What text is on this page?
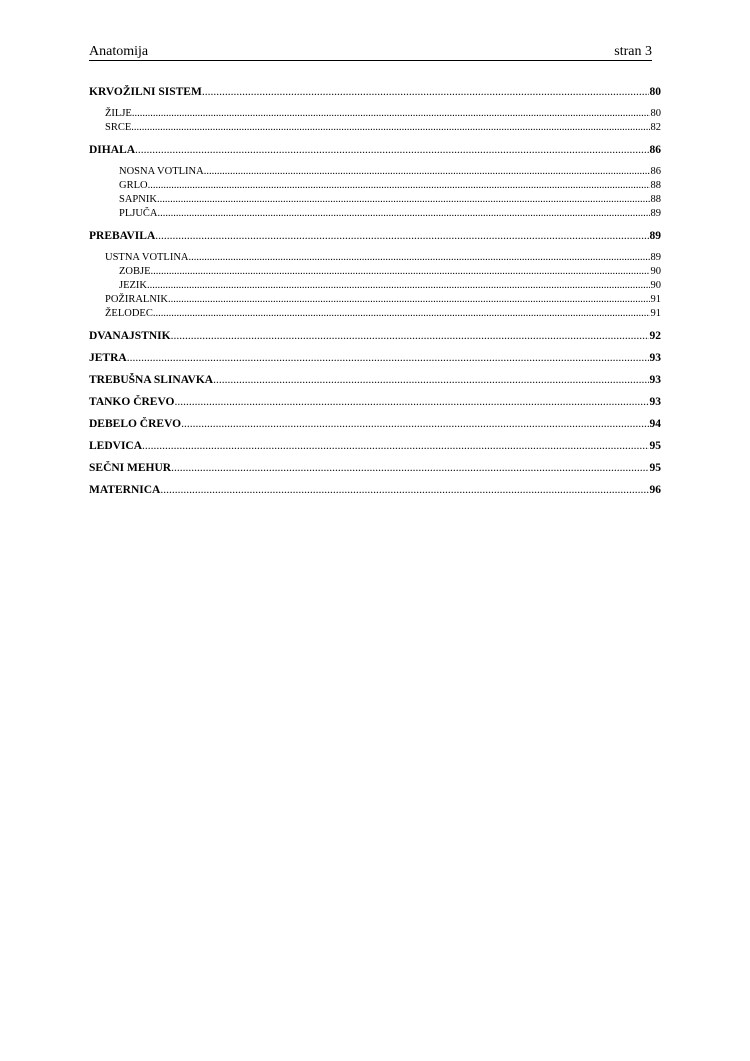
Anatomija	stran 3
KRVOŽILNI SISTEM .....	80
ŽILJE .....	80
SRCE .....	82
DIHALA .....	86
NOSNA VOTLINA .....	86
GRLO .....	88
SAPNIK .....	88
PLJUČA .....	89
PREBAVILA .....	89
USTNA VOTLINA .....	89
ZOBJE .....	90
JEZIK .....	90
POŽIRALNIK .....	91
ŽELODEC .....	91
DVANAJSTNIK .....	92
JETRA .....	93
TREBUŠNA SLINAVKA .....	93
TANKO ČREVO .....	93
DEBELO ČREVO .....	94
LEDVICA .....	95
SEČNI MEHUR .....	95
MATERNICA .....	96
